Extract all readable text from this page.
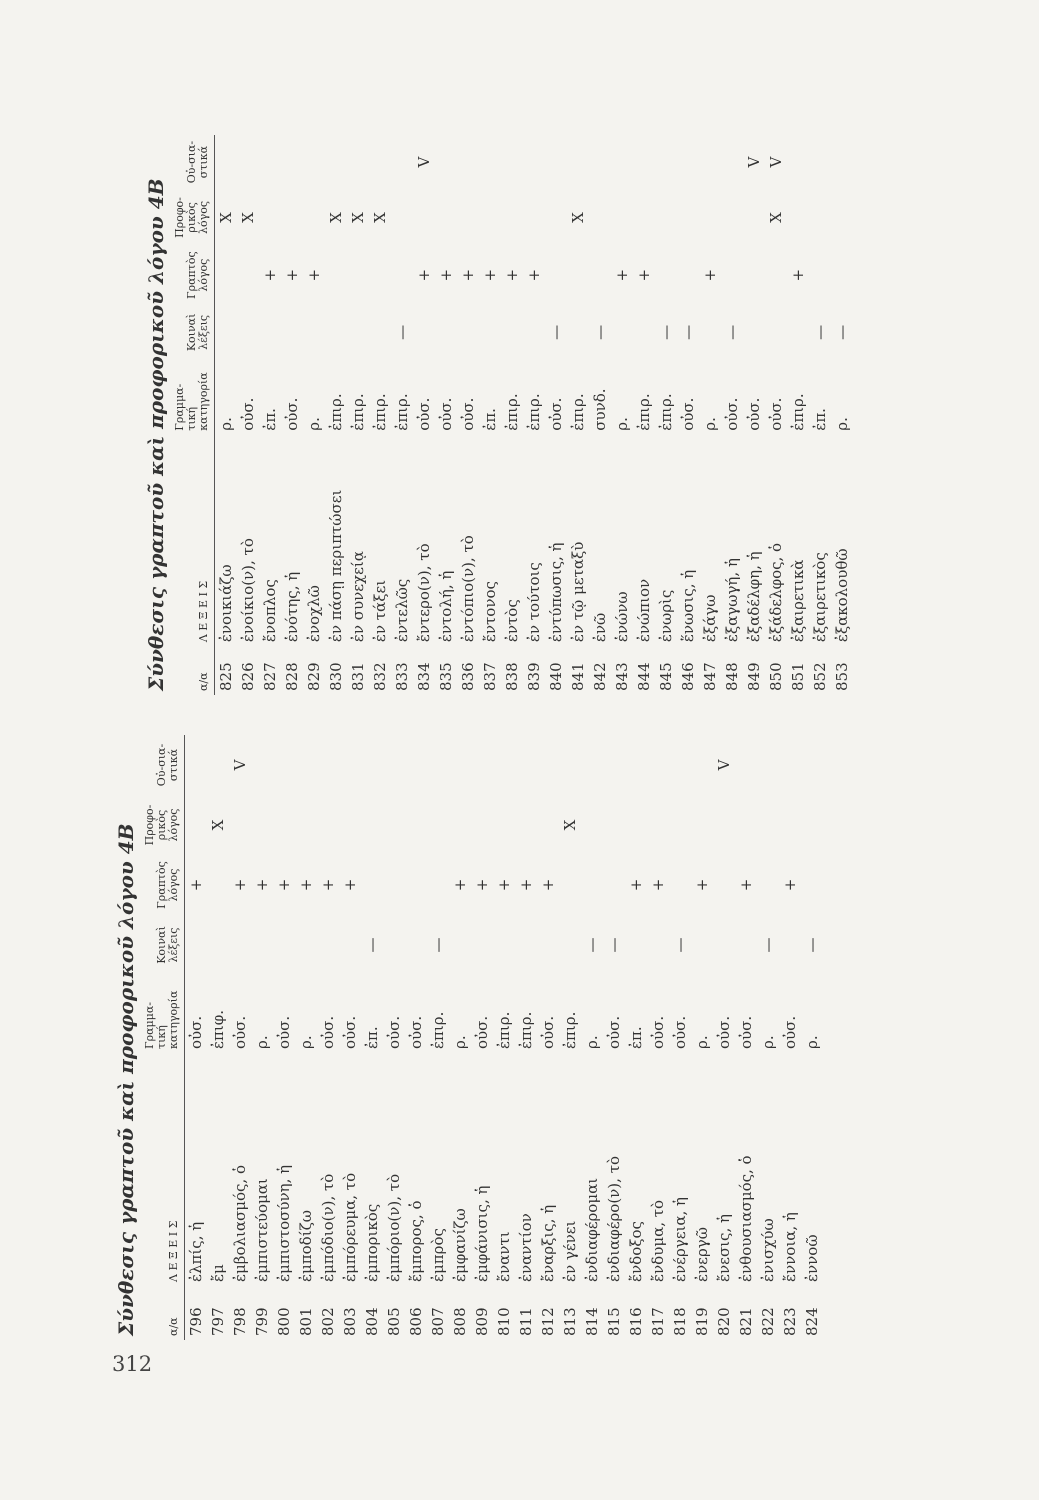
312
Σύνθεσις γραπτοῦ καὶ προφορικοῦ λόγου 4Β	α/α	Λ Ε Ξ Ε Ι Σ	Γραμμα-τική κατηγορία	Κοιναὶ λέξεις	Γραπτὸς λόγος	Προφο-ρικὸς λόγος	Οὐ-σια-στικά
796	ἐλπίς, ἡ	οὐσ.		+		
797	ἔμ	ἐπιφ.			X	
798	ἐμβολιασμός, ὁ	οὐσ.		+		V
799	ἐμπιστεύομαι	ρ.		+		
800	ἐμπιστοσύνη, ἡ	οὐσ.		+		
801	ἐμποδίζω	ρ.		+		
802	ἐμπόδιο(ν), τὸ	οὐσ.		+		
803	ἐμπόρευμα, τὸ	οὐσ.		+		
804	ἐμπορικὸς	ἐπ.	—			
805	ἐμπόριο(ν), τὸ	οὐσ.				
806	ἔμπορος, ὁ	οὐσ.				
807	ἐμπρὸς	ἐπιρ.	—			
808	ἐμφανίζω	ρ.		+		
809	ἐμφάνισις, ἡ	οὐσ.		+		
810	ἔναντι	ἐπιρ.		+		
811	ἐναντίον	ἐπιρ.		+		
812	ἔναρξις, ἡ	οὐσ.		+		
813	ἐν γένει	ἐπιρ.			X	
814	ἐνδιαφέρομαι	ρ.	—			
815	ἐνδιαφέρο(ν), τὸ	οὐσ.	—			
816	ἔνδοξος	ἐπ.		+		
817	ἔνδυμα, τὸ	οὐσ.		+		
818	ἐνέργεια, ἡ	οὐσ.	—			
819	ἐνεργῶ	ρ.		+		
820	ἔνεσις, ἡ	οὐσ.				V
821	ἐνθουσιασμός, ὁ	οὐσ.		+		
822	ἐνισχύω	ρ.	—			
823	ἔννοια, ἡ	οὐσ.		+		
824	ἐννοῶ	ρ.	—			
Σύνθεσις γραπτοῦ καὶ προφορικοῦ λόγου 4Β	α/α	Λ Ε Ξ Ε Ι Σ	Γραμμα-τική κατηγορία	Κοιναὶ λέξεις	Γραπτὸς λόγος	Προφο-ρικὸς λόγος	Οὐ-σια-στικά
825	ἐνοικιάζω	ρ.			X	
826	ἐνοίκιο(ν), τὸ	οὐσ.			X	
827	ἔνοπλος	ἐπ.		+		
828	ἑνότης, ἡ	οὐσ.		+		
829	ἐνοχλῶ	ρ.		+		
830	ἐν πάσῃ περιπτώσει	ἐπιρ.			X	
831	ἐν συνεχείᾳ	ἐπιρ.			X	
832	ἐν τάξει	ἐπιρ.			X	
833	ἐντελῶς	ἐπιρ.	—			
834	ἔντερο(ν), τὸ	οὐσ.		+		V
835	ἐντολή, ἡ	οὐσ.		+		
836	ἐντόπιο(ν), τὸ	οὐσ.		+		
837	ἔντονος	ἐπ.		+		
838	ἐντὸς	ἐπιρ.		+		
839	ἐν τούτοις	ἐπιρ.		+		
840	ἐντύπωσις, ἡ	οὐσ.	—			
841	ἐν τῷ μεταξὺ	ἐπιρ.			X	
842	ἐνῶ	συνδ.	—			
843	ἑνώνω	ρ.		+		
844	ἐνώπιον	ἐπιρ.		+		
845	ἐνωρὶς	ἐπιρ.	—			
846	ἕνωσις, ἡ	οὐσ.	—			
847	ἐξάγω	ρ.		+		
848	ἐξαγωγή, ἡ	οὐσ.	—			
849	ἐξαδέλφη, ἡ	οὐσ.				V
850	ἐξάδελφος, ὁ	οὐσ.			X	V
851	ἐξαιρετικὰ	ἐπιρ.		+		
852	ἐξαιρετικὸς	ἐπ.	—			
853	ἐξακολουθῶ	ρ.	—			
